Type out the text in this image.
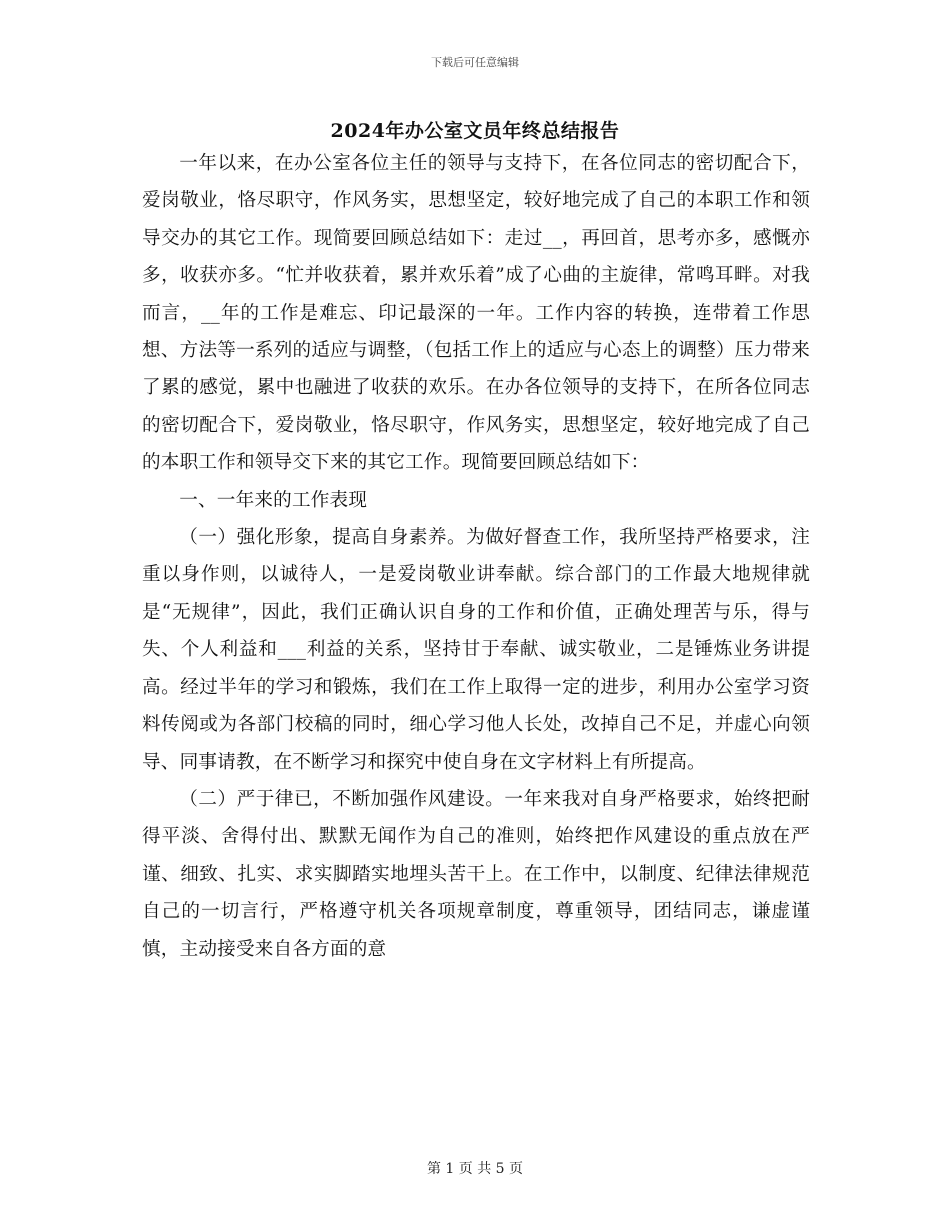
下载后可任意编辑
2024年办公室文员年终总结报告

一年以来，在办公室各位主任的领导与支持下，在各位同志的密切配合下，爱岗敬业，恪尽职守，作风务实，思想坚定，较好地完成了自己的本职工作和领导交办的其它工作。现简要回顾总结如下：走过__，再回首，思考亦多，感慨亦多，收获亦多。“忙并收获着，累并欢乐着”成了心曲的主旋律，常鸣耳畔。对我而言，__年的工作是难忘、印记最深的一年。工作内容的转换，连带着工作思想、方法等一系列的适应与调整，（包括工作上的适应与心态上的调整）压力带来了累的感觉，累中也融进了收获的欢乐。在办各位领导的支持下，在所各位同志的密切配合下，爱岗敬业，恪尽职守，作风务实，思想坚定，较好地完成了自己的本职工作和领导交下来的其它工作。现简要回顾总结如下：

一、一年来的工作表现

（一）强化形象，提高自身素养。为做好督查工作，我所坚持严格要求，注重以身作则，以诚待人，一是爱岗敬业讲奉献。综合部门的工作最大地规律就是“无规律”，因此，我们正确认识自身的工作和价值，正确处理苦与乐，得与失、个人利益和___利益的关系，坚持甘于奉献、诚实敬业，二是锤炼业务讲提高。经过半年的学习和锻炼，我们在工作上取得一定的进步，利用办公室学习资料传阅或为各部门校稿的同时，细心学习他人长处，改掉自己不足，并虚心向领导、同事请教，在不断学习和探究中使自身在文字材料上有所提高。

（二）严于律已，不断加强作风建设。一年来我对自身严格要求，始终把耐得平淡、舍得付出、默默无闻作为自己的准则，始终把作风建设的重点放在严谨、细致、扎实、求实脚踏实地埋头苦干上。在工作中，以制度、纪律法律规范自己的一切言行，严格遵守机关各项规章制度，尊重领导，团结同志，谦虚谨慎，主动接受来自各方面的意

第 1 页 共 5 页
